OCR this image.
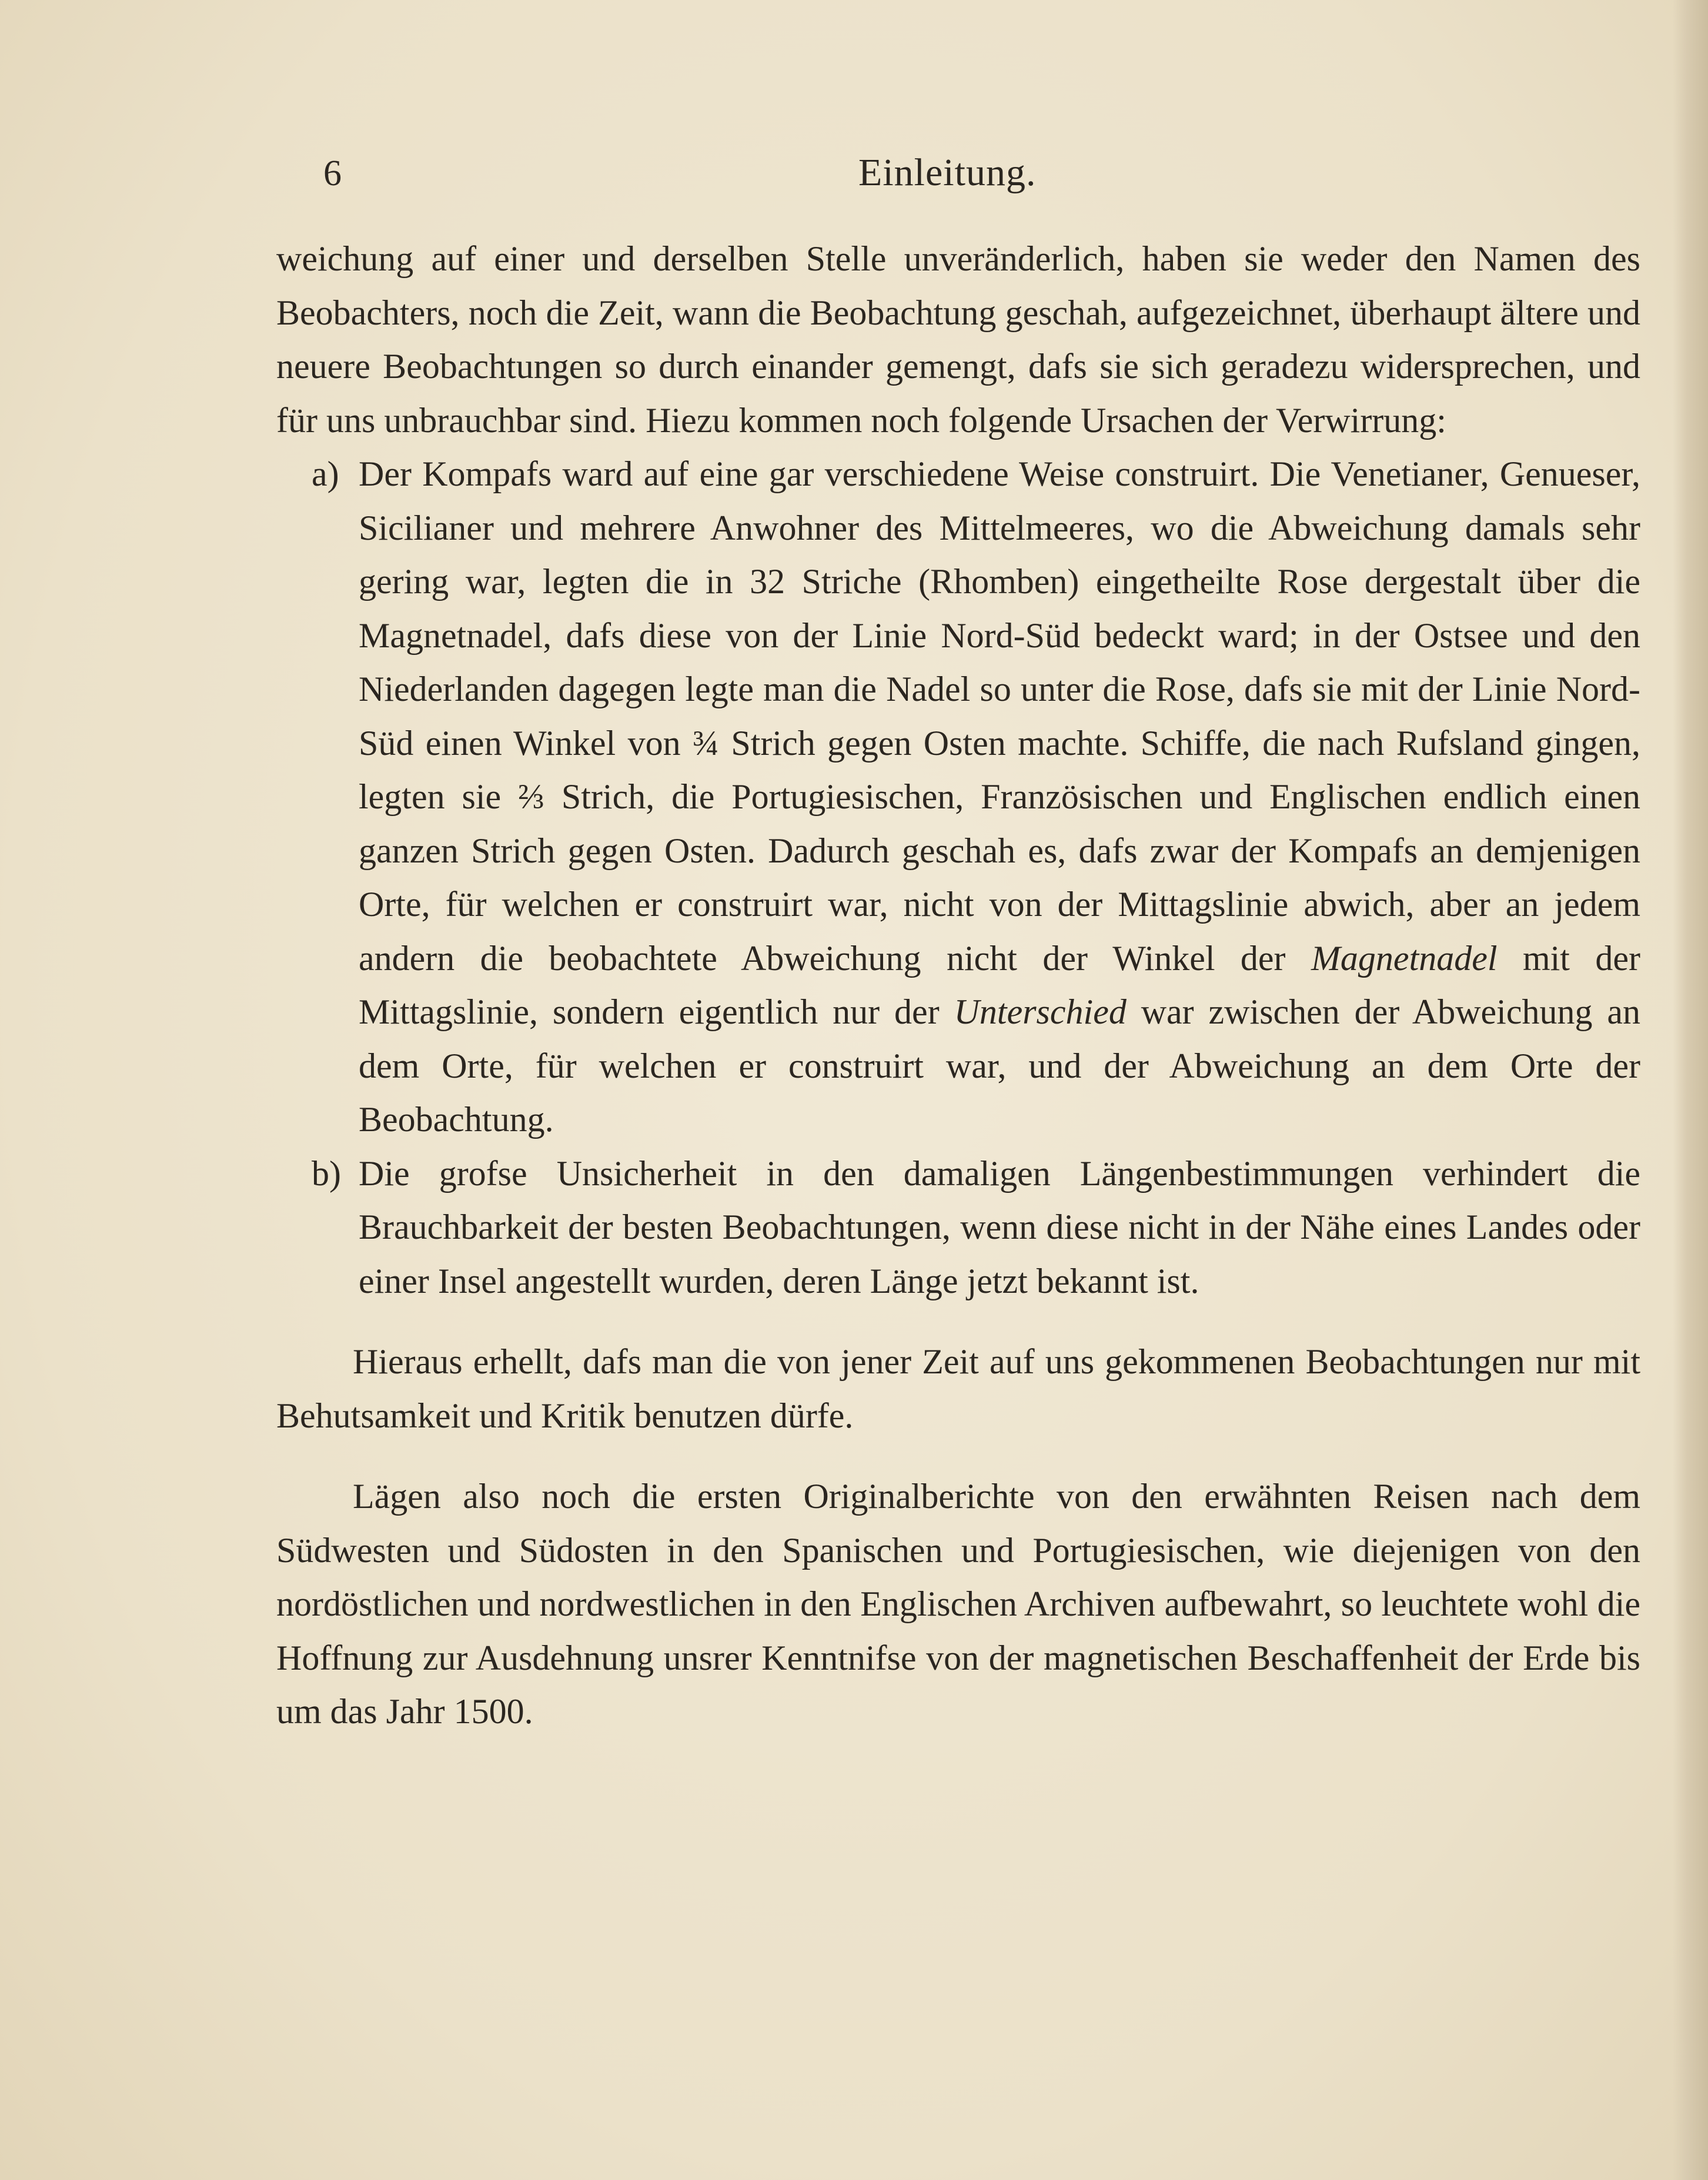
6	Einleitung.

weichung auf einer und derselben Stelle unveränderlich, haben sie weder den Namen des Beobachters, noch die Zeit, wann die Beobachtung geschah, aufgezeichnet, überhaupt ältere und neuere Beobachtungen so durch einander gemengt, dafs sie sich geradezu widersprechen, und für uns unbrauchbar sind. Hiezu kommen noch folgende Ursachen der Verwirrung:

a) Der Kompafs ward auf eine gar verschiedene Weise construirt. Die Venetianer, Genueser, Sicilianer und mehrere Anwohner des Mittelmeeres, wo die Abweichung damals sehr gering war, legten die in 32 Striche (Rhomben) eingetheilte Rose dergestalt über die Magnetnadel, dafs diese von der Linie Nord-Süd bedeckt ward; in der Ostsee und den Niederlanden dagegen legte man die Nadel so unter die Rose, dafs sie mit der Linie Nord-Süd einen Winkel von ¾ Strich gegen Osten machte. Schiffe, die nach Rufsland gingen, legten sie ⅔ Strich, die Portugiesischen, Französischen und Englischen endlich einen ganzen Strich gegen Osten. Dadurch geschah es, dafs zwar der Kompafs an demjenigen Orte, für welchen er construirt war, nicht von der Mittagslinie abwich, aber an jedem andern die beobachtete Abweichung nicht der Winkel der Magnetnadel mit der Mittagslinie, sondern eigentlich nur der Unterschied war zwischen der Abweichung an dem Orte, für welchen er construirt war, und der Abweichung an dem Orte der Beobachtung.
b) Die grofse Unsicherheit in den damaligen Längenbestimmungen verhindert die Brauchbarkeit der besten Beobachtungen, wenn diese nicht in der Nähe eines Landes oder einer Insel angestellt wurden, deren Länge jetzt bekannt ist.

Hieraus erhellt, dafs man die von jener Zeit auf uns gekommenen Beobachtungen nur mit Behutsamkeit und Kritik benutzen dürfe.

Lägen also noch die ersten Originalberichte von den erwähnten Reisen nach dem Südwesten und Südosten in den Spanischen und Portugiesischen, wie diejenigen von den nordöstlichen und nordwestlichen in den Englischen Archiven aufbewahrt, so leuchtete wohl die Hoffnung zur Ausdehnung unsrer Kenntnifse von der magnetischen Beschaffenheit der Erde bis um das Jahr 1500.
